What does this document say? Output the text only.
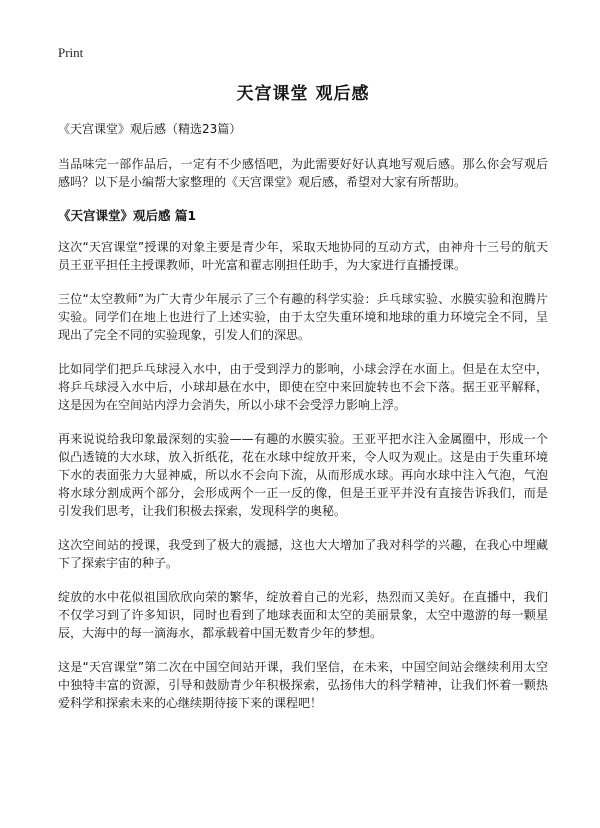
Print
天宫课堂 观后感
《天宫课堂》观后感（精选23篇）

当品味完一部作品后，一定有不少感悟吧，为此需要好好认真地写观后感。那么你会写观后感吗？以下是小编帮大家整理的《天宫课堂》观后感，希望对大家有所帮助。

《天宫课堂》观后感 篇1

这次“天宫课堂”授课的对象主要是青少年，采取天地协同的互动方式，由神舟十三号的航天员王亚平担任主授课教师，叶光富和翟志刚担任助手，为大家进行直播授课。

三位“太空教师”为广大青少年展示了三个有趣的科学实验：乒乓球实验、水膜实验和泡腾片实验。同学们在地上也进行了上述实验，由于太空失重环境和地球的重力环境完全不同，呈现出了完全不同的实验现象，引发人们的深思。

比如同学们把乒乓球浸入水中，由于受到浮力的影响，小球会浮在水面上。但是在太空中，将乒乓球浸入水中后，小球却悬在水中，即使在空中来回旋转也不会下落。据王亚平解释，这是因为在空间站内浮力会消失，所以小球不会受浮力影响上浮。

再来说说给我印象最深刻的实验——有趣的水膜实验。王亚平把水注入金属圈中，形成一个似凸透镜的大水球，放入折纸花，花在水球中绽放开来，令人叹为观止。这是由于失重环境下水的表面张力大显神威，所以水不会向下流，从而形成水球。再向水球中注入气泡，气泡将水球分割成两个部分，会形成两个一正一反的像，但是王亚平并没有直接告诉我们，而是引发我们思考，让我们积极去探索，发现科学的奥秘。

这次空间站的授课，我受到了极大的震撼，这也大大增加了我对科学的兴趣，在我心中埋藏下了探索宇宙的种子。

绽放的水中花似祖国欣欣向荣的繁华，绽放着自己的光彩，热烈而又美好。在直播中，我们不仅学习到了许多知识，同时也看到了地球表面和太空的美丽景象，太空中遨游的每一颗星辰，大海中的每一滴海水，都承载着中国无数青少年的梦想。

这是“天宫课堂”第二次在中国空间站开课，我们坚信，在未来，中国空间站会继续利用太空中独特丰富的资源，引导和鼓励青少年积极探索，弘扬伟大的科学精神，让我们怀着一颗热爱科学和探索未来的心继续期待接下来的课程吧！
